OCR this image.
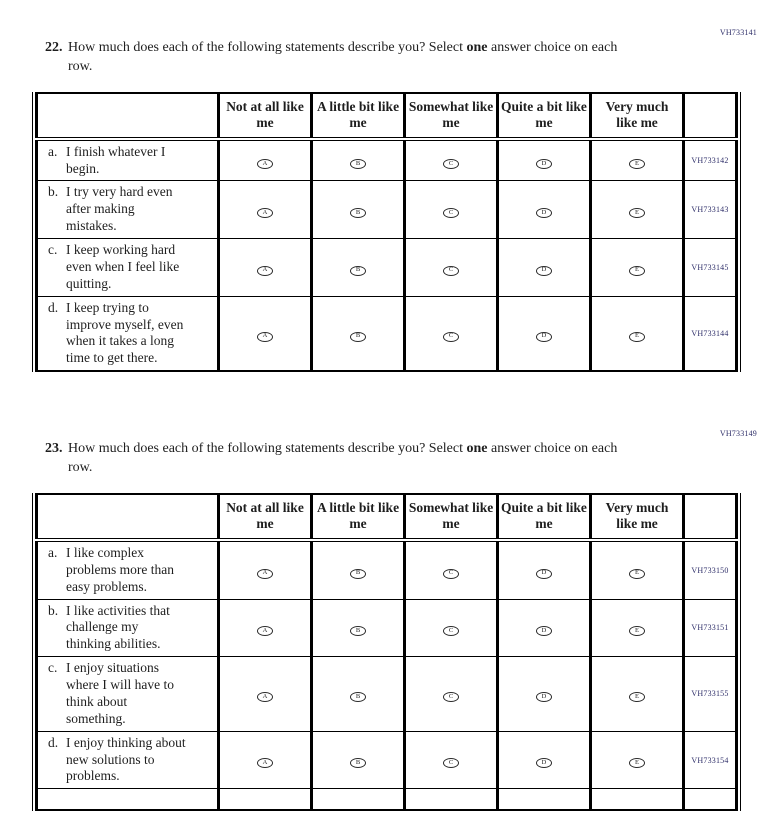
VH733141
22. How much does each of the following statements describe you? Select one answer choice on each row.
	Not at all like me	A little bit like me	Somewhat like me	Quite a bit like me	Very much like me	

a. I finish whatever I begin.	A	B	C	D	E	VH733142

b. I try very hard even after making mistakes.	A	B	C	D	E	VH733143

c. I keep working hard even when I feel like quitting.	A	B	C	D	E	VH733145

d. I keep trying to improve myself, even when it takes a long time to get there.	A	B	C	D	E	VH733144
VH733149
23. How much does each of the following statements describe you? Select one answer choice on each row.
	Not at all like me	A little bit like me	Somewhat like me	Quite a bit like me	Very much like me	

a. I like complex problems more than easy problems.	A	B	C	D	E	VH733150

b. I like activities that challenge my thinking abilities.	A	B	C	D	E	VH733151

c. I enjoy situations where I will have to think about something.	A	B	C	D	E	VH733155

d. I enjoy thinking about new solutions to problems.	A	B	C	D	E	VH733154
